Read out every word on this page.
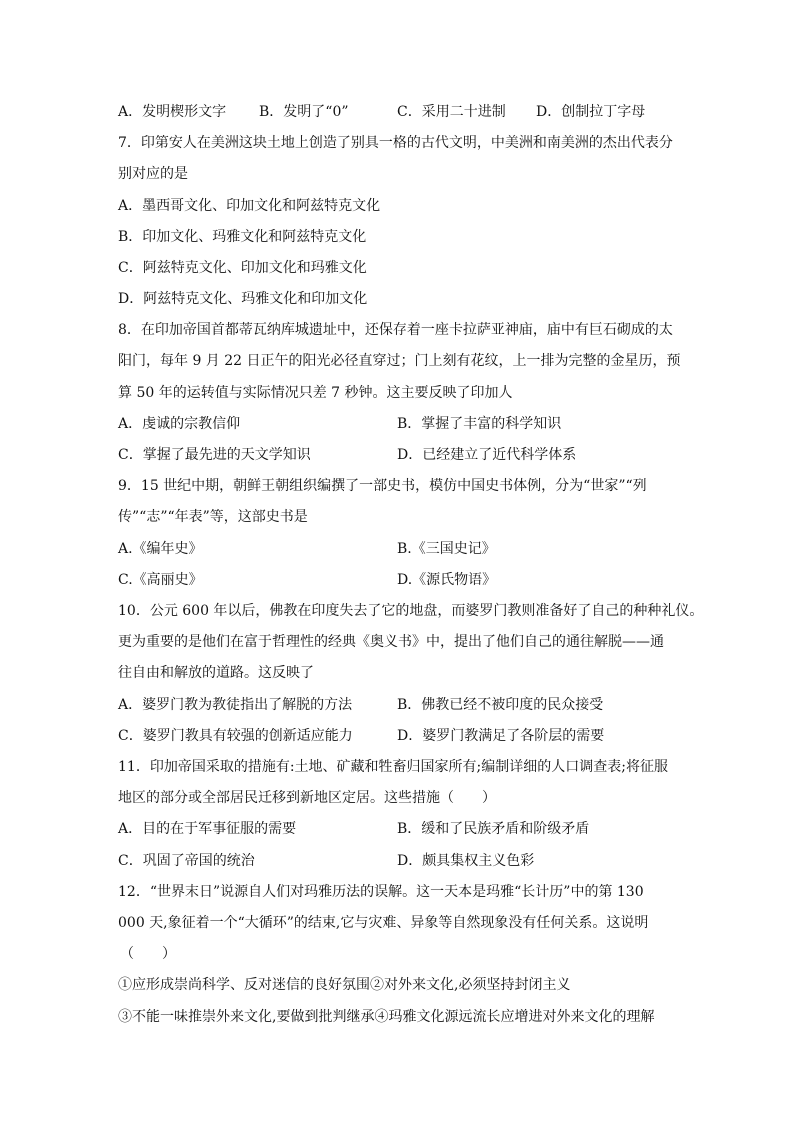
A．发明楔形文字 B．发明了“0”	C．采用二十进制 D．创制拉丁字母
7．印第安人在美洲这块土地上创造了别具一格的古代文明，中美洲和南美洲的杰出代表分
别对应的是
A．墨西哥文化、印加文化和阿兹特克文化
B．印加文化、玛雅文化和阿兹特克文化
C．阿兹特克文化、印加文化和玛雅文化
D．阿兹特克文化、玛雅文化和印加文化
8．在印加帝国首都蒂瓦纳库城遗址中，还保存着一座卡拉萨亚神庙，庙中有巨石砌成的太
阳门，每年 9 月 22 日正午的阳光必径直穿过；门上刻有花纹，上一排为完整的金星历，预
算 50 年的运转值与实际情况只差 7 秒钟。这主要反映了印加人
A．虔诚的宗教信仰	B．掌握了丰富的科学知识
C．掌握了最先进的天文学知识	D．已经建立了近代科学体系
9．15 世纪中期，朝鲜王朝组织编撰了一部史书，模仿中国史书体例，分为“世家”“列
传”“志”“年表”等，这部史书是
A.《编年史》	B.《三国史记》
C.《高丽史》	D.《源氏物语》
10．公元 600 年以后，佛教在印度失去了它的地盘，而婆罗门教则准备好了自己的种种礼仪。
更为重要的是他们在富于哲理性的经典《奥义书》中，提出了他们自己的通往解脱——通
往自由和解放的道路。这反映了
A．婆罗门教为教徒指出了解脱的方法	B．佛教已经不被印度的民众接受
C．婆罗门教具有较强的创新适应能力	D．婆罗门教满足了各阶层的需要
11．印加帝国采取的措施有:土地、矿藏和牲畜归国家所有;编制详细的人口调查表;将征服
地区的部分或全部居民迁移到新地区定居。这些措施（　　）
A．目的在于军事征服的需要	B．缓和了民族矛盾和阶级矛盾
C．巩固了帝国的统治	D．颇具集权主义色彩
12．“世界末日”说源自人们对玛雅历法的误解。这一天本是玛雅“长计历”中的第 130
000 天,象征着一个“大循环”的结束,它与灾难、异象等自然现象没有任何关系。这说明
（　　）
①应形成崇尚科学、反对迷信的良好氛围②对外来文化,必须坚持封闭主义
③不能一味推崇外来文化,要做到批判继承④玛雅文化源远流长应增进对外来文化的理解
